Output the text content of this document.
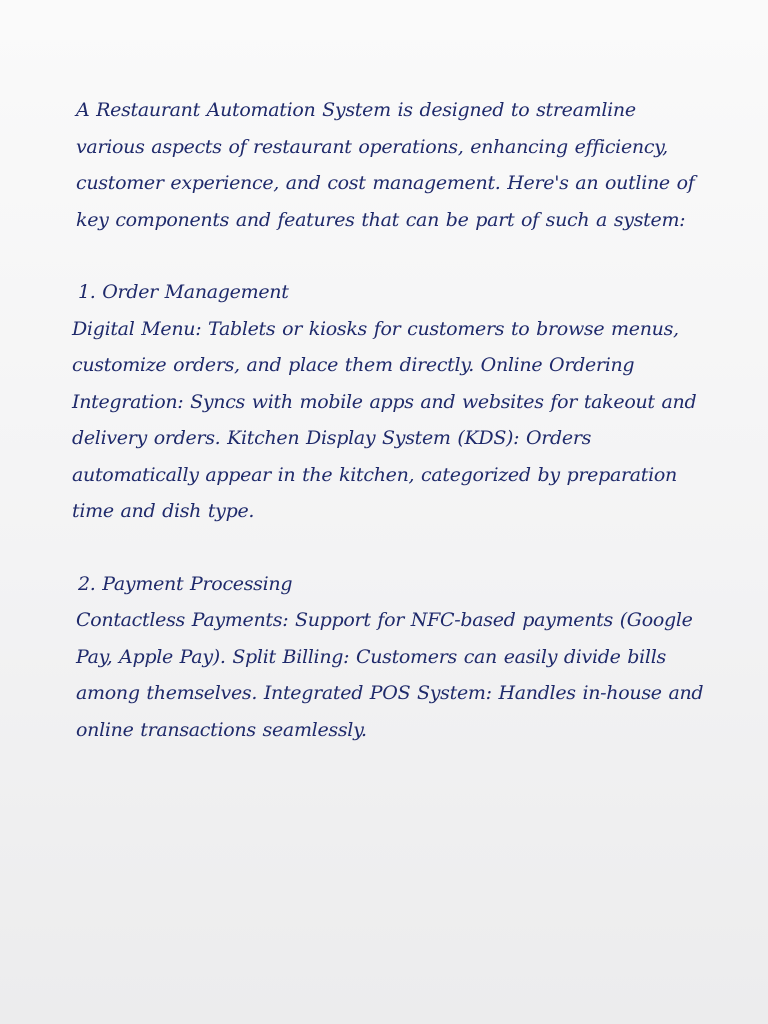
A Restaurant Automation System is designed to streamline various aspects of restaurant operations, enhancing efficiency, customer experience, and cost management. Here's an outline of key components and features that can be part of such a system:

1. Order Management

Digital Menu: Tablets or kiosks for customers to browse menus, customize orders, and place them directly. Online Ordering Integration: Syncs with mobile apps and websites for takeout and delivery orders. Kitchen Display System (KDS): Orders automatically appear in the kitchen, categorized by preparation time and dish type.

2. Payment Processing

Contactless Payments: Support for NFC-based payments (Google Pay, Apple Pay). Split Billing: Customers can easily divide bills among themselves. Integrated POS System: Handles in-house and online transactions seamlessly.
